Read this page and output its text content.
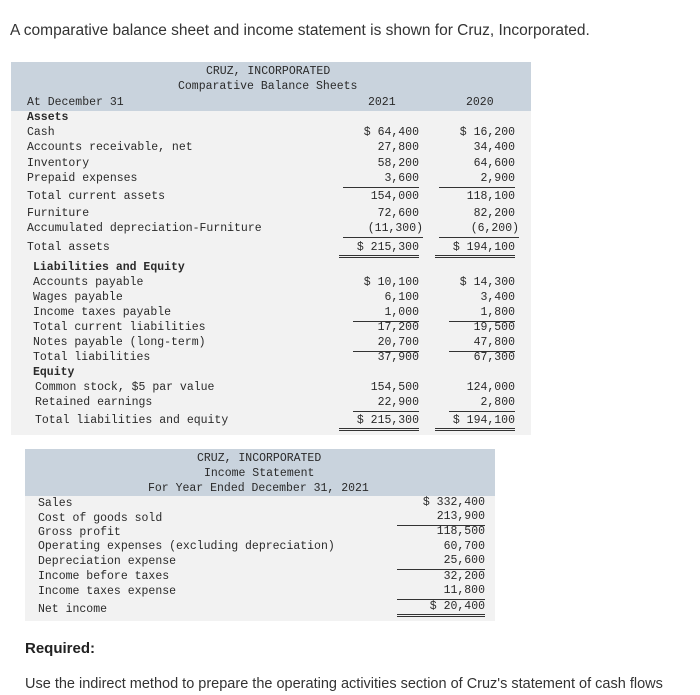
A comparative balance sheet and income statement is shown for Cruz, Incorporated.
CRUZ, INCORPORATED
Comparative Balance Sheets
At December 31	2021	2020
Assets
Cash	$ 64,400	$ 16,200
Accounts receivable, net	27,800	34,400
Inventory	58,200	64,600
Prepaid expenses	3,600	2,900
Total current assets	154,000	118,100
Furniture	72,600	82,200
Accumulated depreciation-Furniture	(11,300)	(6,200)
Total assets	$ 215,300	$ 194,100
Liabilities and Equity
Accounts payable	$ 10,100	$ 14,300
Wages payable	6,100	3,400
Income taxes payable	1,000	1,800
Total current liabilities	17,200	19,500
Notes payable (long-term)	20,700	47,800
Total liabilities	37,900	67,300
Equity
Common stock, $5 par value	154,500	124,000
Retained earnings	22,900	2,800
Total liabilities and equity	$ 215,300	$ 194,100
CRUZ, INCORPORATED
Income Statement
For Year Ended December 31, 2021
Sales	$ 332,400
Cost of goods sold	213,900
Gross profit	118,500
Operating expenses (excluding depreciation)	60,700
Depreciation expense	25,600
Income before taxes	32,200
Income taxes expense	11,800
Net income	$ 20,400
Required:
Use the indirect method to prepare the operating activities section of Cruz's statement of cash flows
